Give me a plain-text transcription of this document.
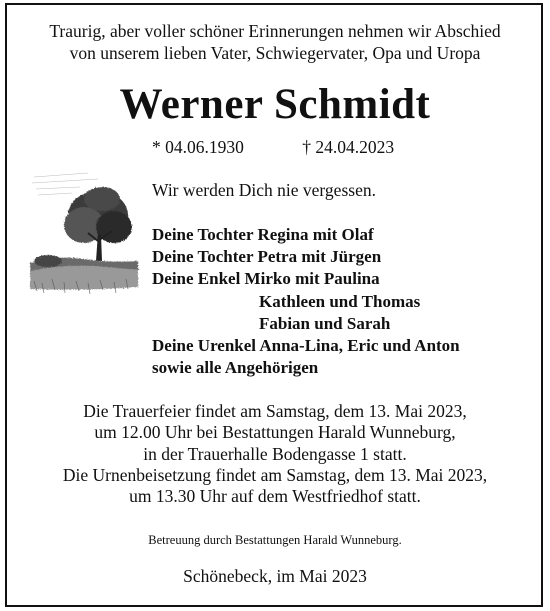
Traurig, aber voller schöner Erinnerungen nehmen wir Abschied
von unserem lieben Vater, Schwiegervater, Opa und Uropa
Werner Schmidt
* 04.06.1930	† 24.04.2023
Wir werden Dich nie vergessen.
Deine Tochter Regina mit Olaf
Deine Tochter Petra mit Jürgen
Deine Enkel Mirko mit Paulina
Kathleen und Thomas
Fabian und Sarah
Deine Urenkel Anna-Lina, Eric und Anton
sowie alle Angehörigen
Die Trauerfeier findet am Samstag, dem 13. Mai 2023,
um 12.00 Uhr bei Bestattungen Harald Wunneburg,
in der Trauerhalle Bodengasse 1 statt.
Die Urnenbeisetzung findet am Samstag, dem 13. Mai 2023,
um 13.30 Uhr auf dem Westfriedhof statt.
Betreuung durch Bestattungen Harald Wunneburg.
Schönebeck, im Mai 2023
